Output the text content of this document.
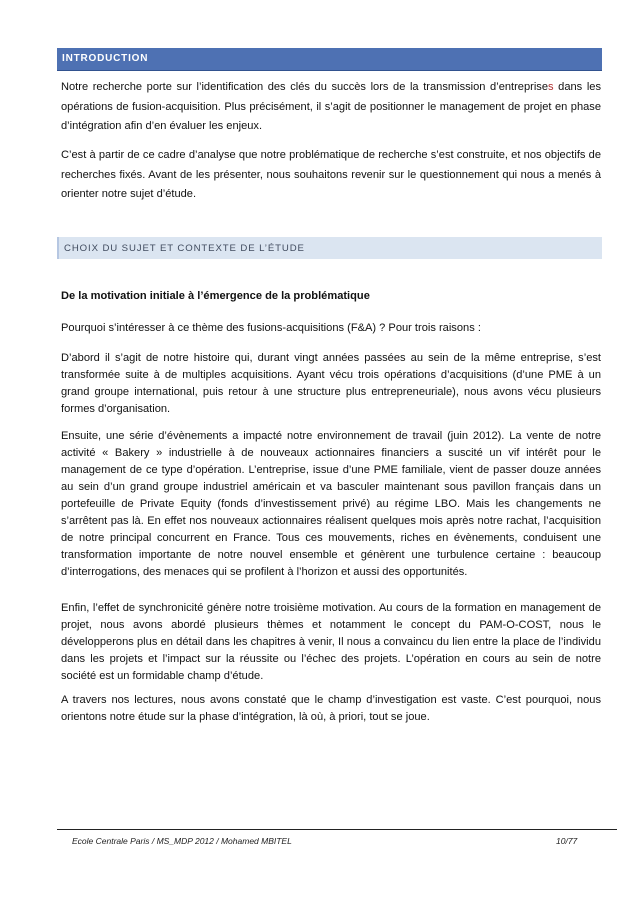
INTRODUCTION

Notre recherche porte sur l’identification des clés du succès lors de la transmission d’entreprises dans les opérations de fusion-acquisition. Plus précisément, il s’agit de positionner le management de projet en phase d’intégration afin d’en évaluer les enjeux.

C’est à partir de ce cadre d’analyse que notre problématique de recherche s’est construite, et nos objectifs de recherches fixés. Avant de les présenter, nous souhaitons revenir sur le questionnement qui nous a menés à orienter notre sujet d’étude.

CHOIX DU SUJET ET CONTEXTE DE L’ÉTUDE

De la motivation initiale à l’émergence de la problématique

Pourquoi s’intéresser à ce thème des fusions-acquisitions (F&A) ? Pour trois raisons :

D’abord il s’agit de notre histoire qui, durant vingt années passées au sein de la même entreprise, s’est transformée suite à de multiples acquisitions. Ayant vécu trois opérations d’acquisitions (d’une PME à un grand groupe international, puis retour à une structure plus entrepreneuriale), nous avons vécu plusieurs formes d’organisation.

Ensuite, une série d’évènements a impacté notre environnement de travail (juin 2012). La vente de notre activité « Bakery » industrielle à de nouveaux actionnaires financiers a suscité un vif intérêt pour le management de ce type d’opération. L’entreprise, issue d’une PME familiale, vient de passer douze années au sein d’un grand groupe industriel américain et va basculer maintenant sous pavillon français dans un portefeuille de Private Equity (fonds d’investissement privé) au régime LBO. Mais les changements ne s’arrêtent pas là. En effet nos nouveaux actionnaires réalisent quelques mois après notre rachat, l’acquisition de notre principal concurrent en France. Tous ces mouvements, riches en évènements, conduisent une transformation importante de notre nouvel ensemble et génèrent une turbulence certaine : beaucoup d’interrogations, des menaces qui se profilent à l’horizon et aussi des opportunités.

Enfin, l’effet de synchronicité génère notre troisième motivation. Au cours de la formation en management de projet, nous avons abordé plusieurs thèmes et notamment le concept du PAM-O-COST, nous le développerons plus en détail dans les chapitres à venir, Il nous a convaincu du lien entre la place de l’individu dans les projets et l’impact sur la réussite ou l’échec des projets. L’opération en cours au sein de notre société est un formidable champ d’étude.

A travers nos lectures, nous avons constaté que le champ d’investigation est vaste. C’est pourquoi, nous orientons notre étude sur la phase d’intégration, là où, à priori, tout se joue.

Ecole Centrale Paris / MS_MDP 2012 / Mohamed MBITEL	10/77
